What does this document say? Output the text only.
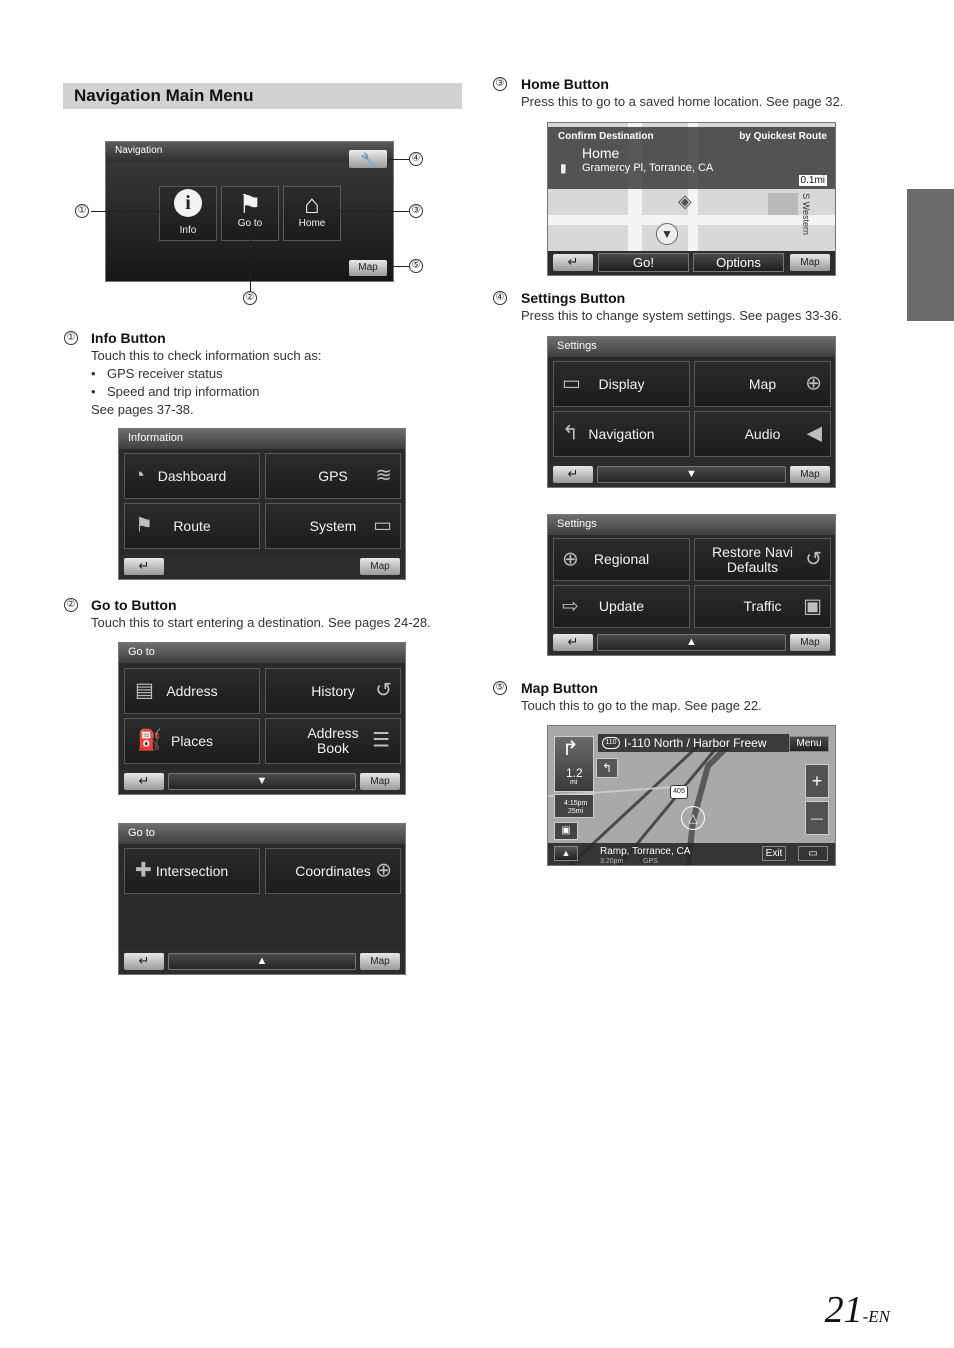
Navigation Main Menu
Navigation
🔧
i
Info
⚑
Go to
⌂
Home
Map
①
②
③
④
⑤
① Info Button
Touch this to check information such as:
• GPS receiver status
• Speed and trip information
See pages 37-38.
Information
◔ Dashboard	GPS ≋
⚑ Route	System ▭
↵	Map
② Go to Button
Touch this to start entering a destination. See pages 24-28.
Go to
▤ Address	History ↺
⛽ Places	Address Book	☰
↵	▼	Map
Go to
✚ Intersection	Coordinates ⊕
↵	▲	Map
③ Home Button
Press this to go to a saved home location. See page 32.
Confirm Destination	by Quickest Route
Home
Gramercy Pl, Torrance, CA
▮
0.1mi
S Western
◈
▼
↵	Go!	Options	Map
④ Settings Button
Press this to change system settings. See pages 33-36.
Settings
▭ Display	Map ⊕
↰ Navigation	Audio ◀
↵	▼	Map
Settings
⊕ Regional	Restore Navi Defaults	↺
⇨ Update	Traffic ▣
↵	▲	Map
⑤ Map Button
Touch this to go to the map. See page 22.
110 I-110 North / Harbor Freew	Menu
↱
1.2
mi
↰
4:15pm
25mi
▣
405
△
+
—
▲	Ramp, Torrance, CA
3:20pm	GPS
Exit	▭
21-EN
